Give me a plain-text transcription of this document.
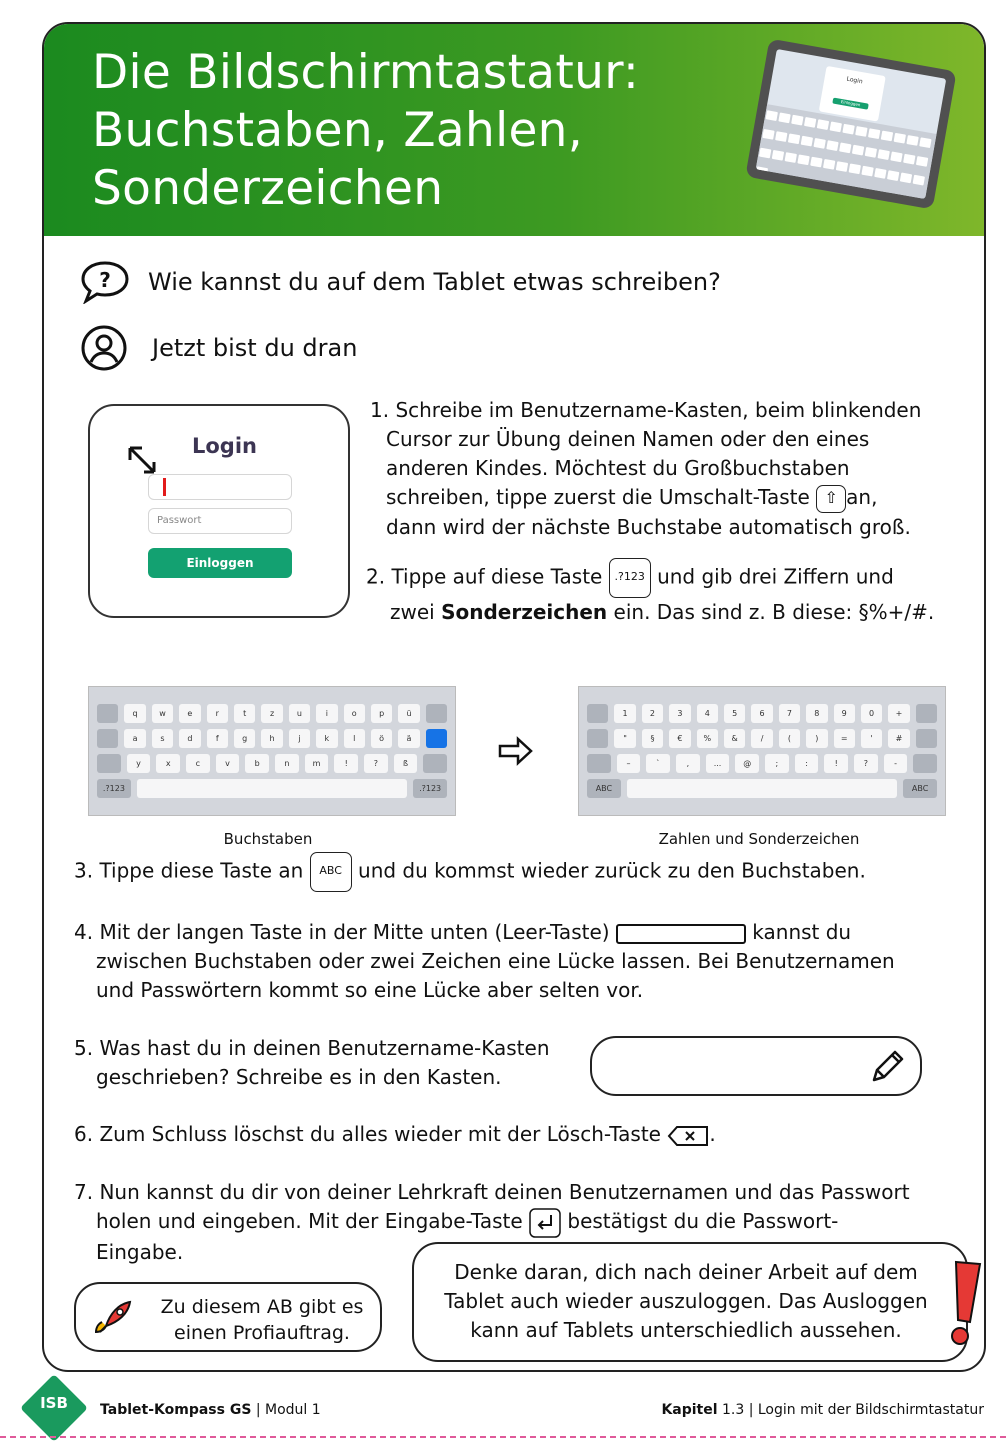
Die Bildschirmtastatur:
Buchstaben, Zahlen,
Sonderzeichen
Login
Einloggen
? Wie kannst du auf dem Tablet etwas schreiben?
Jetzt bist du dran
Login
Passwort
Einloggen
1. Schreibe im Benutzername-Kasten, beim blinkenden
Cursor zur Übung deinen Namen oder den eines
anderen Kindes. Möchtest du Großbuchstaben
schreiben, tippe zuerst die Umschalt-Taste ⇧ an,
dann wird der nächste Buchstabe automatisch groß.
2. Tippe auf diese Taste .?123 und gib drei Ziffern und
zwei Sonderzeichen ein. Das sind z. B diese: §%+/#.
q	w	e	r	t	z	u	i	o	p	ü
a	s	d	f	g	h	j	k	l	ö	ä
y	x	c	v	b	n	m	!	?	ß
.?123	.?123
1	2	3	4	5	6	7	8	9	0	+
"	§	€	%	&	/	(	)	=	'	#
–	`	,	...	@	;	:	!	?	-
ABC	ABC
Buchstaben	Zahlen und Sonderzeichen
3. Tippe diese Taste an ABC und du kommst wieder zurück zu den Buchstaben.
4. Mit der langen Taste in der Mitte unten (Leer-Taste)	kannst du
zwischen Buchstaben oder zwei Zeichen eine Lücke lassen. Bei Benutzernamen
und Passwörtern kommt so eine Lücke aber selten vor.
5. Was hast du in deinen Benutzername-Kasten
geschrieben? Schreibe es in den Kasten.
6. Zum Schluss löschst du alles wieder mit der Lösch-Taste .
7. Nun kannst du dir von deiner Lehrkraft deinen Benutzernamen und das Passwort
holen und eingeben. Mit der Eingabe-Taste bestätigst du die Passwort-
Eingabe.
Zu diesem AB gibt es
einen Profiauftrag.
Denke daran, dich nach deiner Arbeit auf dem
Tablet auch wieder auszuloggen. Das Ausloggen
kann auf Tablets unterschiedlich aussehen.
ISB	Tablet-Kompass GS | Modul 1	Kapitel 1.3 | Login mit der Bildschirmtastatur
